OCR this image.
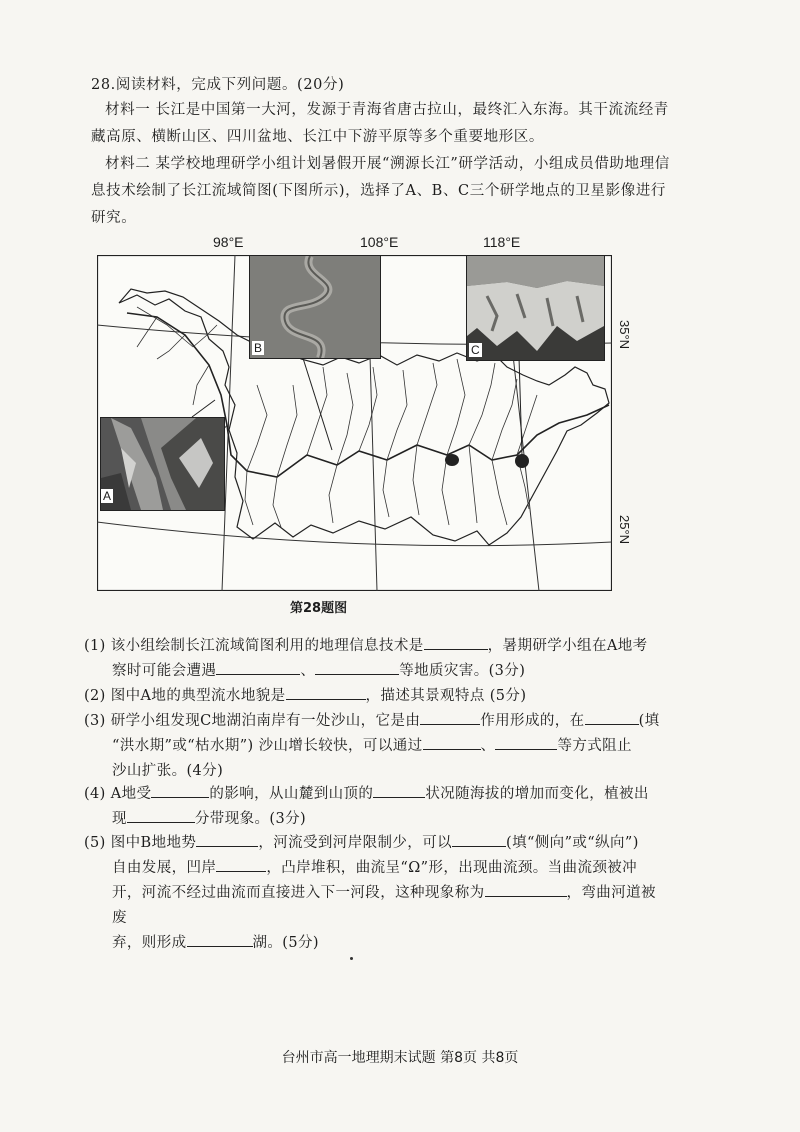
28.阅读材料，完成下列问题。(20分)
材料一 长江是中国第一大河，发源于青海省唐古拉山，最终汇入东海。其干流流经青藏高原、横断山区、四川盆地、长江中下游平原等多个重要地形区。
材料二 某学校地理研学小组计划暑假开展“溯源长江”研学活动，小组成员借助地理信息技术绘制了长江流域简图(下图所示)，选择了A、B、C三个研学地点的卫星影像进行研究。
98°E	108°E	118°E
35°N
25°N
A
B	C
第28题图
(1) 该小组绘制长江流域简图利用的地理信息技术是	，暑期研学小组在A地考
察时可能会遭遇	、	等地质灾害。(3分)
(2) 图中A地的典型流水地貌是	，描述其景观特点 (5分)
(3) 研学小组发现C地湖泊南岸有一处沙山，它是由	作用形成的，在	(填
“洪水期”或“枯水期”) 沙山增长较快，可以通过	、	等方式阻止
沙山扩张。(4分)
(4) A地受	的影响，从山麓到山顶的	状况随海拔的增加而变化，植被出
现	分带现象。(3分)
(5) 图中B地地势	，河流受到河岸限制少，可以	(填“侧向”或“纵向”)
自由发展，凹岸	，凸岸堆积，曲流呈“Ω”形，出现曲流颈。当曲流颈被冲
开，河流不经过曲流而直接进入下一河段，这种现象称为	，弯曲河道被废
弃，则形成	湖。(5分)
台州市高一地理期末试题 第8页 共8页
